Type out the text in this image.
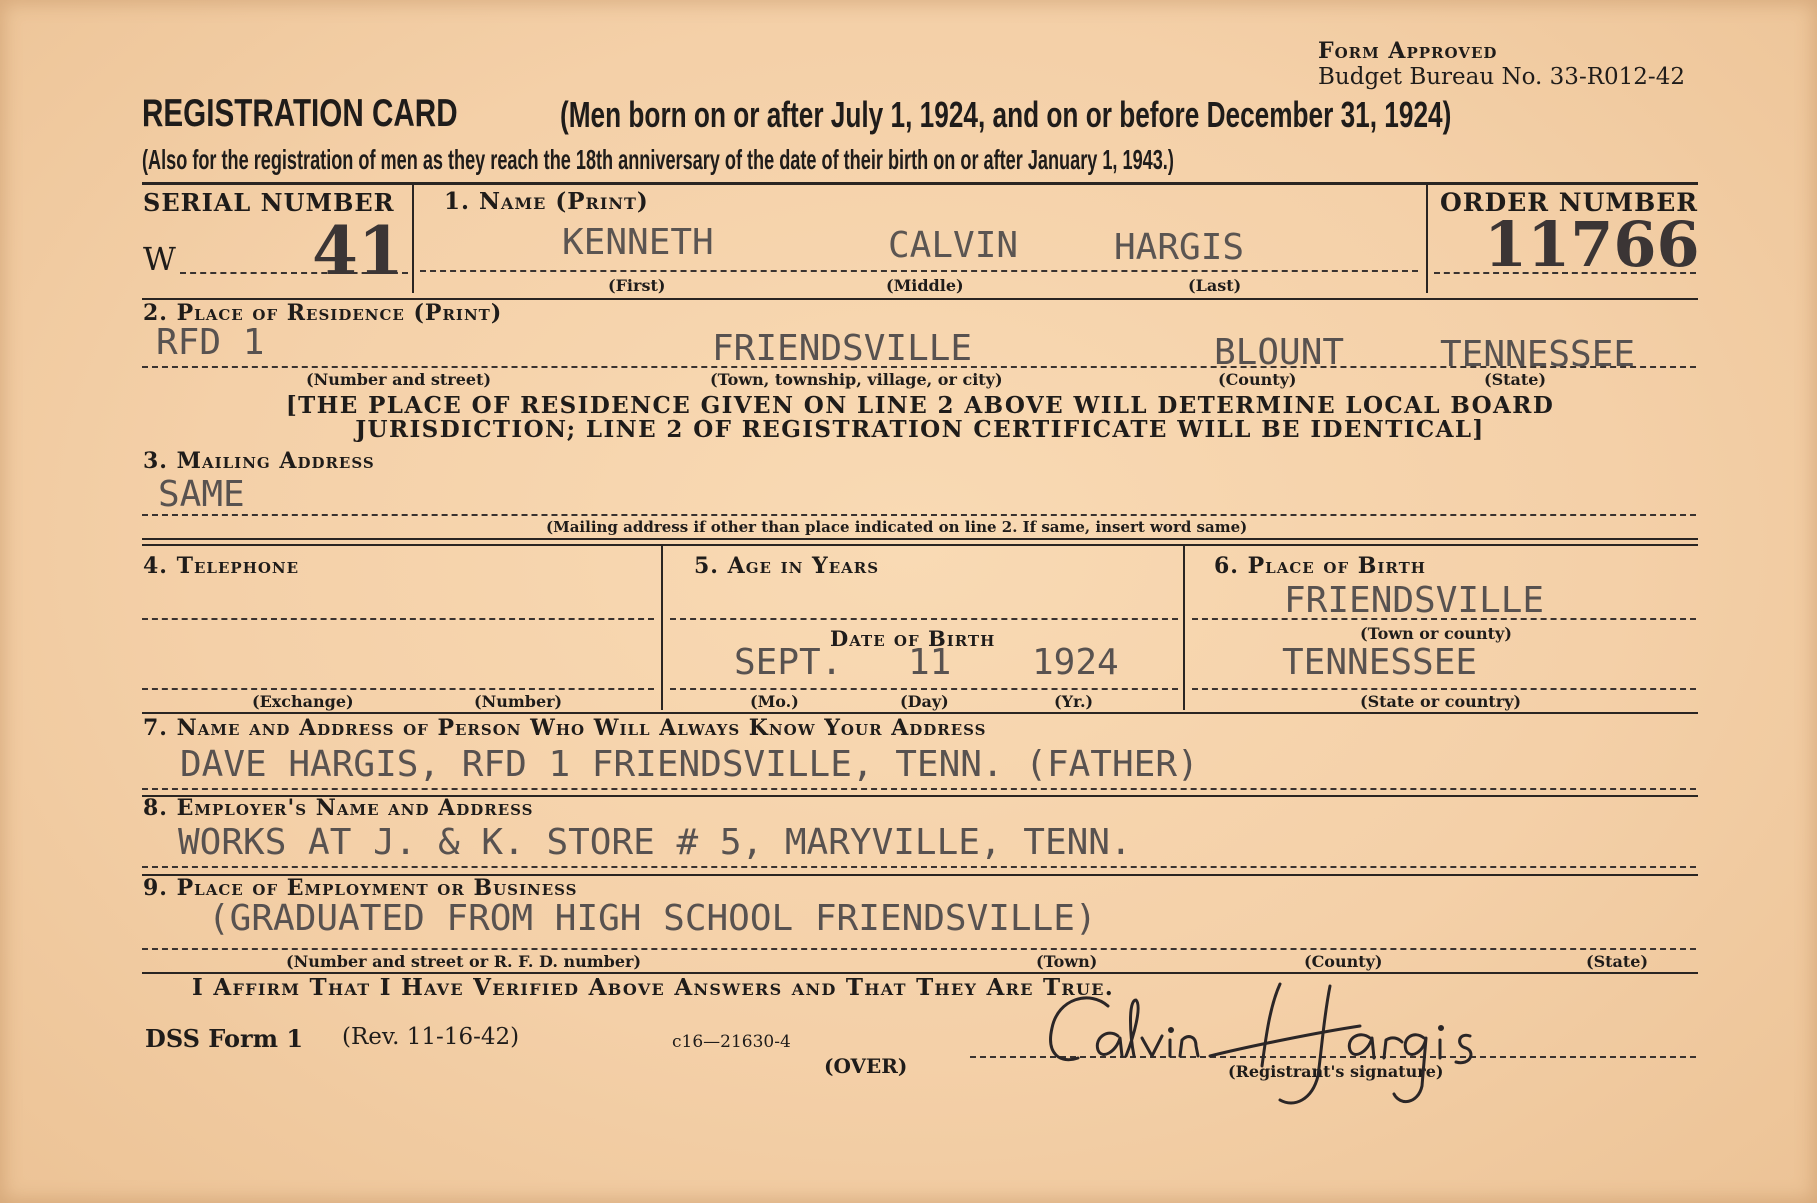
Form Approved
Budget Bureau No. 33-R012-42
REGISTRATION CARD	(Men born on or after July 1, 1924, and on or before December 31, 1924)
(Also for the registration of men as they reach the 18th anniversary of the date of their birth on or after January 1, 1943.)
SERIAL NUMBER
W 41
1. Name (Print)
KENNETH	CALVIN	HARGIS
(First)	(Middle)	(Last)
ORDER NUMBER
11766
2. Place of Residence (Print)
RFD 1	FRIENDSVILLE	BLOUNT	TENNESSEE
(Number and street)	(Town, township, village, or city)	(County)	(State)
[THE PLACE OF RESIDENCE GIVEN ON LINE 2 ABOVE WILL DETERMINE LOCAL BOARD
JURISDICTION; LINE 2 OF REGISTRATION CERTIFICATE WILL BE IDENTICAL]
3. Mailing Address
SAME
(Mailing address if other than place indicated on line 2. If same, insert word same)
4. Telephone
(Exchange)	(Number)
5. Age in Years
Date of Birth
SEPT. 11 1924
(Mo.)	(Day)	(Yr.)
6. Place of Birth
FRIENDSVILLE
(Town or county)
TENNESSEE
(State or country)
7. Name and Address of Person Who Will Always Know Your Address
DAVE HARGIS, RFD 1 FRIENDSVILLE, TENN. (FATHER)
8. Employer's Name and Address
WORKS AT J. & K. STORE # 5, MARYVILLE, TENN.
9. Place of Employment or Business
(GRADUATED FROM HIGH SCHOOL FRIENDSVILLE)
(Number and street or R. F. D. number)	(Town)	(County)	(State)
I Affirm That I Have Verified Above Answers and That They Are True.
DSS Form 1 (Rev. 11-16-42)	c16—21630-4
(OVER)	(Registrant's signature)
